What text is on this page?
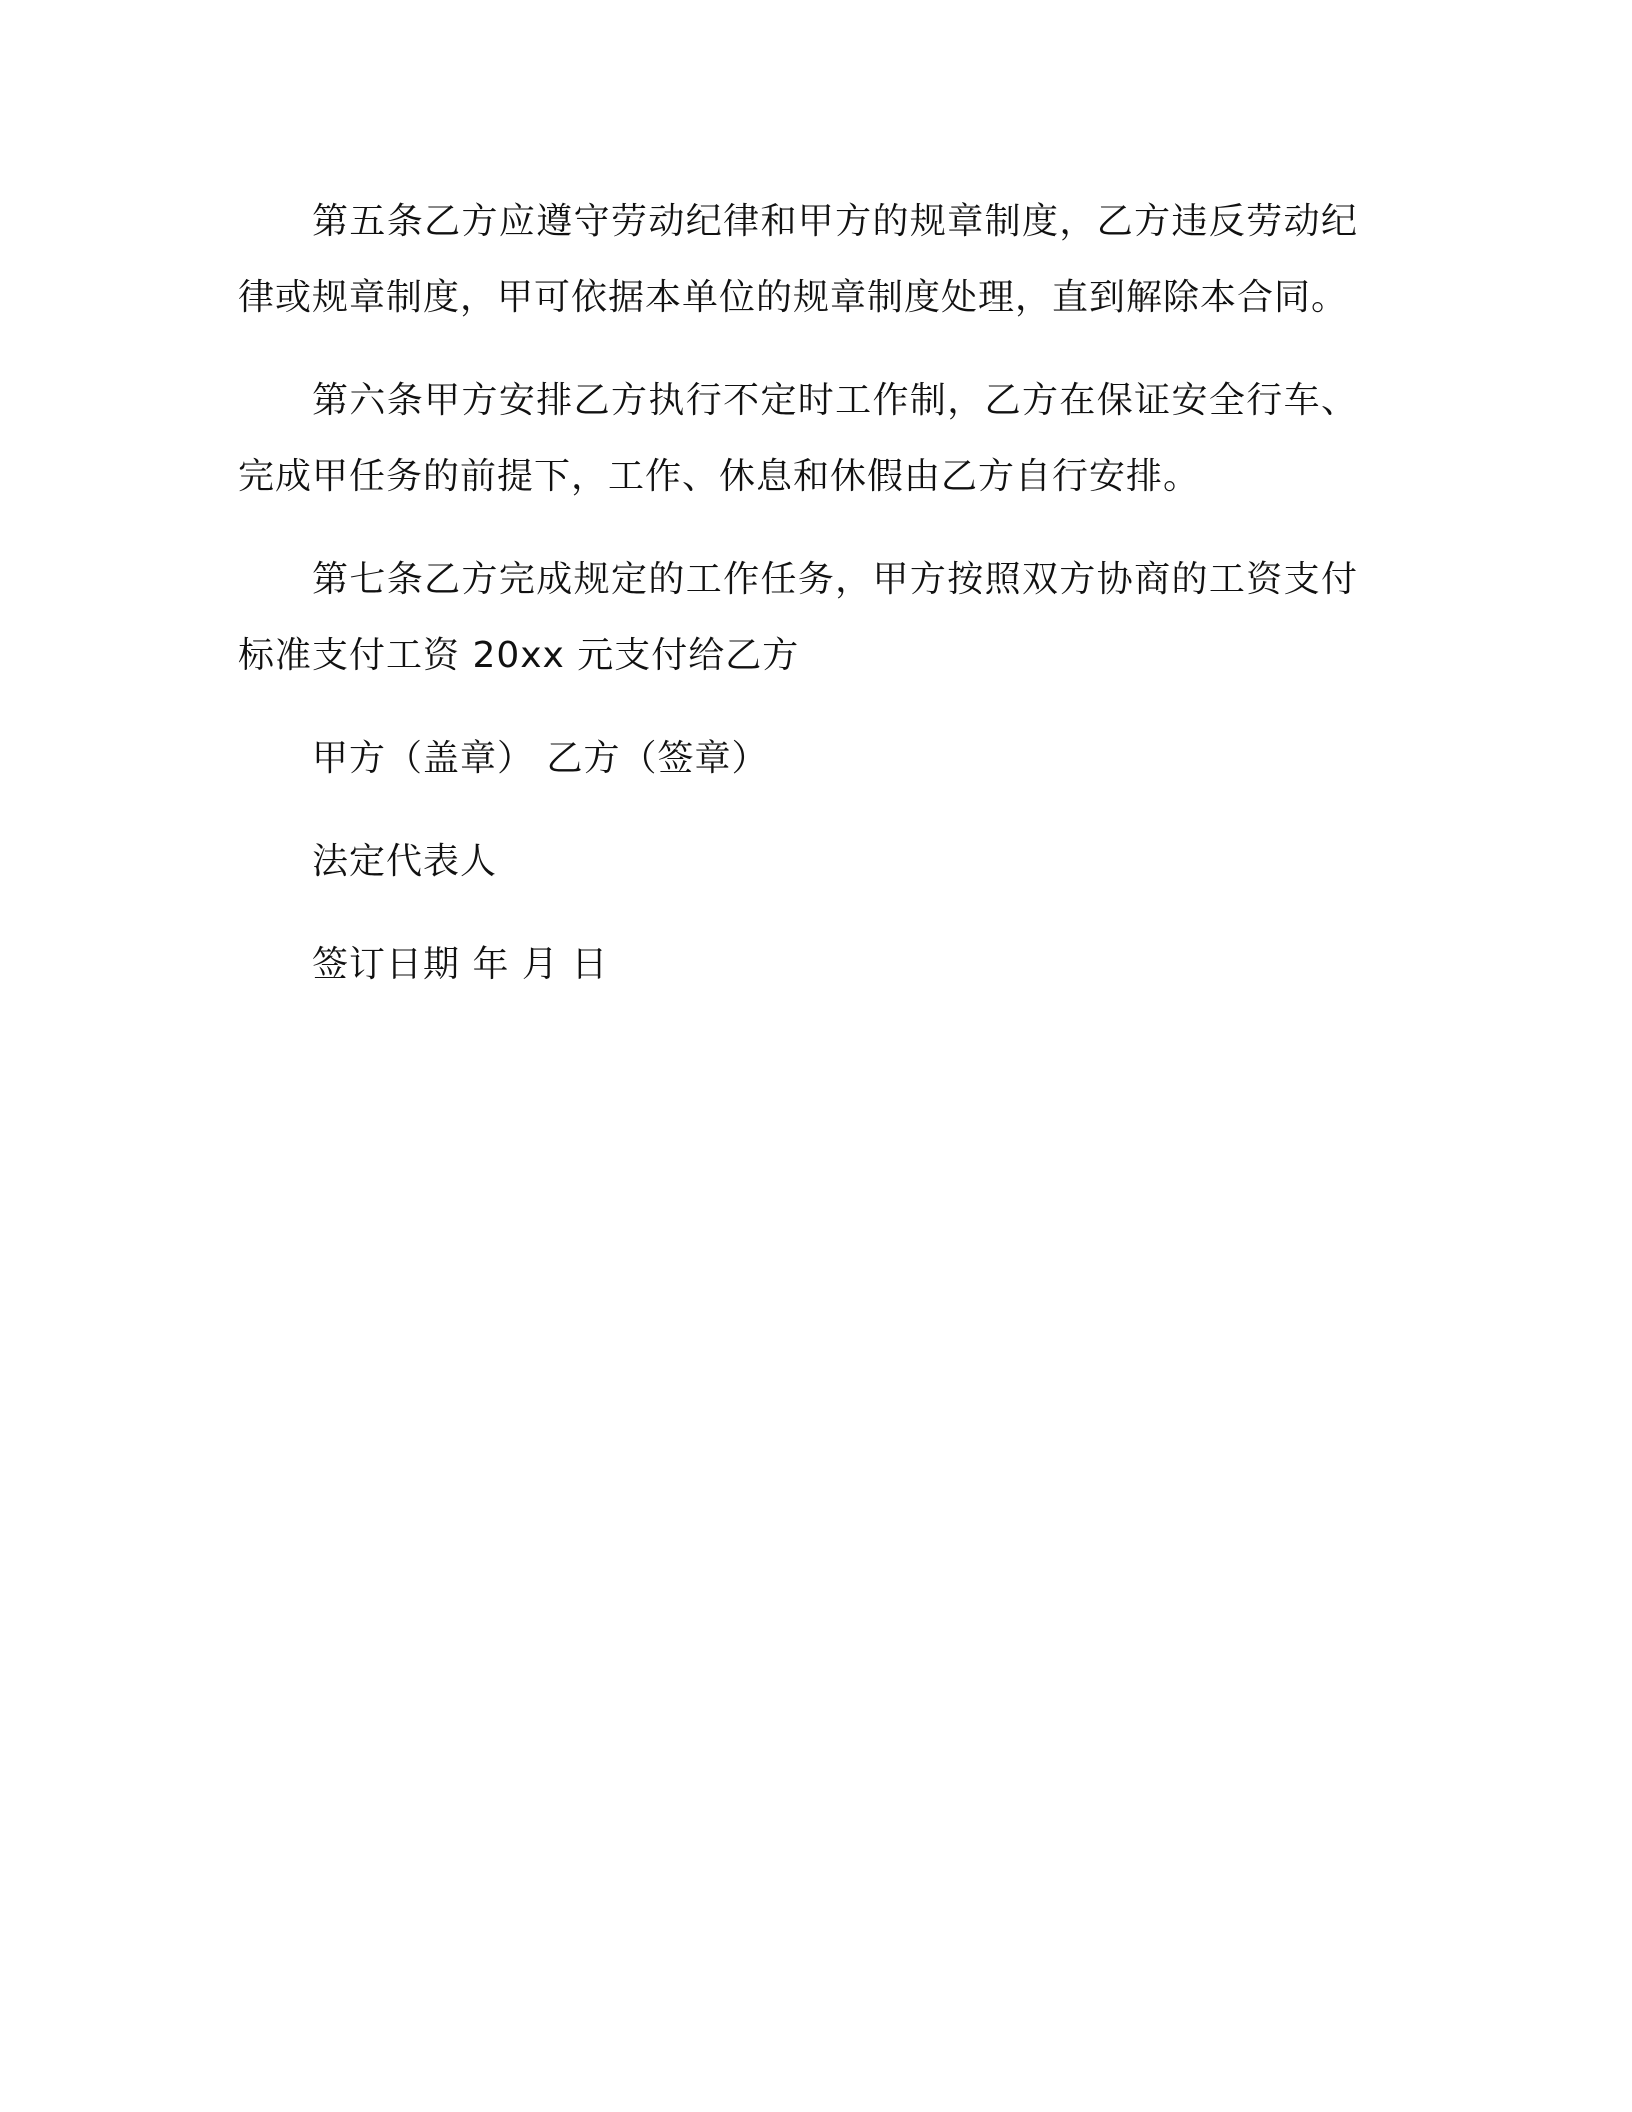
第五条乙方应遵守劳动纪律和甲方的规章制度，乙方违反劳动纪律或规章制度，甲可依据本单位的规章制度处理，直到解除本合同。

第六条甲方安排乙方执行不定时工作制，乙方在保证安全行车、完成甲任务的前提下，工作、休息和休假由乙方自行安排。

第七条乙方完成规定的工作任务，甲方按照双方协商的工资支付标准支付工资 20xx 元支付给乙方

甲方（盖章） 乙方（签章）

法定代表人

签订日期 年 月 日
